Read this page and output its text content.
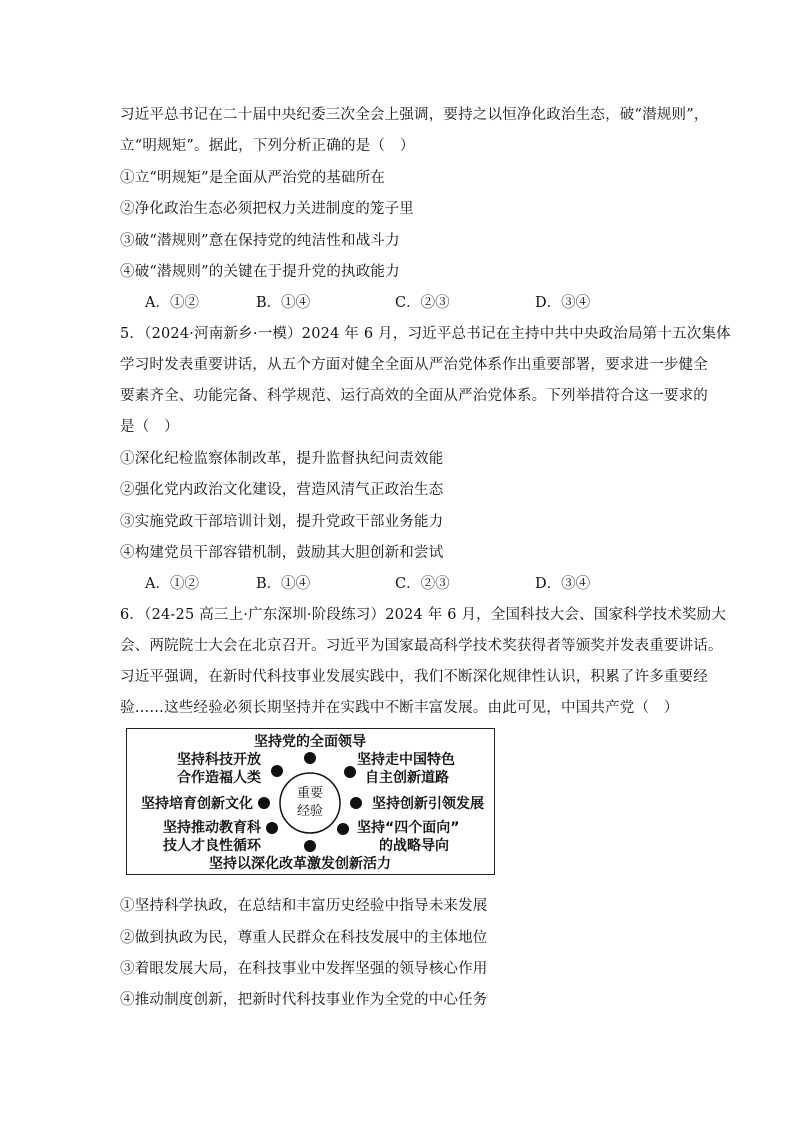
习近平总书记在二十届中央纪委三次全会上强调，要持之以恒净化政治生态，破“潜规则”，
立“明规矩”。据此，下列分析正确的是（　）
①立“明规矩”是全面从严治党的基础所在
②净化政治生态必须把权力关进制度的笼子里
③破“潜规则”意在保持党的纯洁性和战斗力
④破“潜规则”的关键在于提升党的执政能力
A．①②	B．①④	C．②③	D．③④
5．（2024·河南新乡·一模）2024 年 6 月，习近平总书记在主持中共中央政治局第十五次集体
学习时发表重要讲话，从五个方面对健全全面从严治党体系作出重要部署，要求进一步健全
要素齐全、功能完备、科学规范、运行高效的全面从严治党体系。下列举措符合这一要求的
是（　）
①深化纪检监察体制改革，提升监督执纪问责效能
②强化党内政治文化建设，营造风清气正政治生态
③实施党政干部培训计划，提升党政干部业务能力
④构建党员干部容错机制，鼓励其大胆创新和尝试
A．①②	B．①④	C．②③	D．③④
6．（24-25 高三上·广东深圳·阶段练习）2024 年 6 月，全国科技大会、国家科学技术奖励大
会、两院院士大会在北京召开。习近平为国家最高科学技术奖获得者等颁奖并发表重要讲话。
习近平强调，在新时代科技事业发展实践中，我们不断深化规律性认识，积累了许多重要经
验……这些经验必须长期坚持并在实践中不断丰富发展。由此可见，中国共产党（　）
重要
经验
坚持党的全面领导
坚持科技开放
合作造福人类
坚持走中国特色
自主创新道路
坚持培育创新文化	坚持创新引领发展
坚持推动教育科
技人才良性循环
坚持“四个面向”
的战略导向
坚持以深化改革激发创新活力
①坚持科学执政，在总结和丰富历史经验中指导未来发展
②做到执政为民，尊重人民群众在科技发展中的主体地位
③着眼发展大局，在科技事业中发挥坚强的领导核心作用
④推动制度创新，把新时代科技事业作为全党的中心任务
